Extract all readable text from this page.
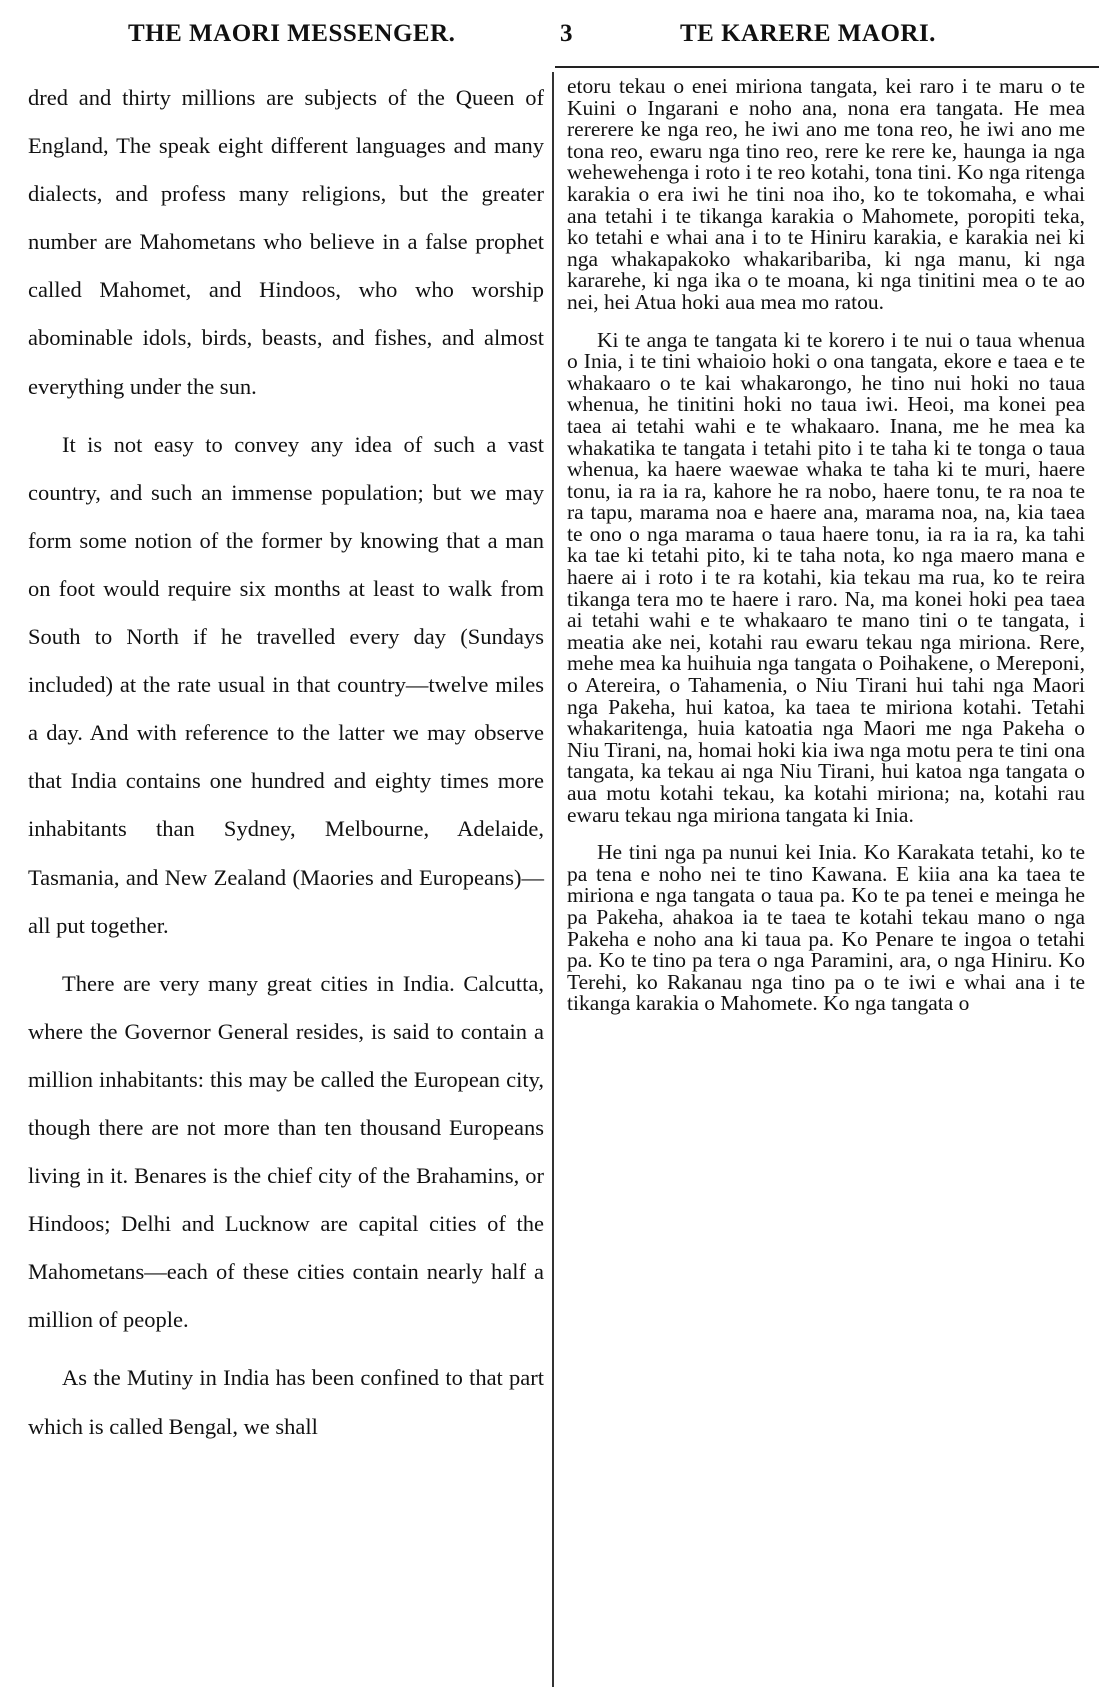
THE MAORI MESSENGER.	3	TE KARERE MAORI.

dred and thirty millions are subjects of the Queen of England, The speak eight different languages and many dialects, and profess many religions, but the greater number are Mahometans who believe in a false prophet called Mahomet, and Hindoos, who who worship abominable idols, birds, beasts, and fishes, and almost everything under the sun.

It is not easy to convey any idea of such a vast country, and such an immense population; but we may form some notion of the former by knowing that a man on foot would require six months at least to walk from South to North if he travelled every day (Sundays included) at the rate usual in that country—twelve miles a day. And with reference to the latter we may observe that India contains one hundred and eighty times more inhabitants than Sydney, Melbourne, Adelaide, Tasmania, and New Zealand (Maories and Europeans)—all put together.

There are very many great cities in India. Calcutta, where the Governor General resides, is said to contain a million inhabitants: this may be called the European city, though there are not more than ten thousand Europeans living in it. Benares is the chief city of the Brahamins, or Hindoos; Delhi and Lucknow are capital cities of the Mahometans—each of these cities contain nearly half a million of people.

As the Mutiny in India has been confined to that part which is called Bengal, we shall

etoru tekau o enei miriona tangata, kei raro i te maru o te Kuini o Ingarani e noho ana, nona era tangata. He mea rererere ke nga reo, he iwi ano me tona reo, he iwi ano me tona reo, ewaru nga tino reo, rere ke rere ke, haunga ia nga wehewehenga i roto i te reo kotahi, tona tini. Ko nga ritenga karakia o era iwi he tini noa iho, ko te tokomaha, e whai ana tetahi i te tikanga karakia o Mahomete, poropiti teka, ko tetahi e whai ana i to te Hiniru karakia, e karakia nei ki nga whakapakoko whakaribariba, ki nga manu, ki nga kararehe, ki nga ika o te moana, ki nga tinitini mea o te ao nei, hei Atua hoki aua mea mo ratou.

Ki te anga te tangata ki te korero i te nui o taua whenua o Inia, i te tini whaioio hoki o ona tangata, ekore e taea e te whakaaro o te kai whakarongo, he tino nui hoki no taua whenua, he tinitini hoki no taua iwi. Heoi, ma konei pea taea ai tetahi wahi e te whakaaro. Inana, me he mea ka whakatika te tangata i tetahi pito i te taha ki te tonga o taua whenua, ka haere waewae whaka te taha ki te muri, haere tonu, ia ra ia ra, kahore he ra nobo, haere tonu, te ra noa te ra tapu, marama noa e haere ana, marama noa, na, kia taea te ono o nga marama o taua haere tonu, ia ra ia ra, ka tahi ka tae ki tetahi pito, ki te taha nota, ko nga maero mana e haere ai i roto i te ra kotahi, kia tekau ma rua, ko te reira tikanga tera mo te haere i raro. Na, ma konei hoki pea taea ai tetahi wahi e te whakaaro te mano tini o te tangata, i meatia ake nei, kotahi rau ewaru tekau nga miriona. Rere, mehe mea ka huihuia nga tangata o Poihakene, o Mereponi, o Atereira, o Tahamenia, o Niu Tirani hui tahi nga Maori nga Pakeha, hui katoa, ka taea te miriona kotahi. Tetahi whakaritenga, huia katoatia nga Maori me nga Pakeha o Niu Tirani, na, homai hoki kia iwa nga motu pera te tini ona tangata, ka tekau ai nga Niu Tirani, hui katoa nga tangata o aua motu kotahi tekau, ka kotahi miriona; na, kotahi rau ewaru tekau nga miriona tangata ki Inia.

He tini nga pa nunui kei Inia. Ko Karakata tetahi, ko te pa tena e noho nei te tino Kawana. E kiia ana ka taea te miriona e nga tangata o taua pa. Ko te pa tenei e meinga he pa Pakeha, ahakoa ia te taea te kotahi tekau mano o nga Pakeha e noho ana ki taua pa. Ko Penare te ingoa o tetahi pa. Ko te tino pa tera o nga Paramini, ara, o nga Hiniru. Ko Terehi, ko Rakanau nga tino pa o te iwi e whai ana i te tikanga karakia o Mahomete. Ko nga tangata o
